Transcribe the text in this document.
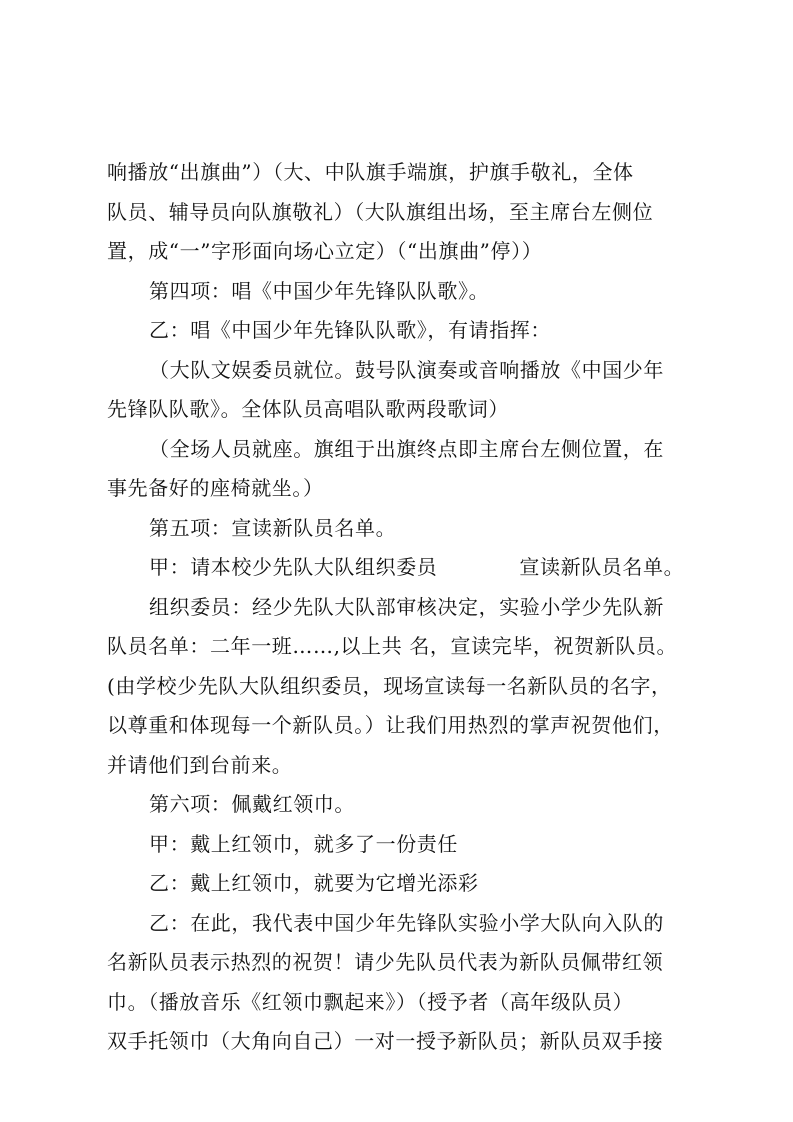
响播放“出旗曲”）（大、中队旗手端旗，护旗手敬礼，全体
队员、辅导员向队旗敬礼）（大队旗组出场，至主席台左侧位
置，成“一”字形面向场心立定）（“出旗曲”停））
第四项：唱《中国少年先锋队队歌》。
乙：唱《中国少年先锋队队歌》，有请指挥：
（大队文娱委员就位。鼓号队演奏或音响播放《中国少年
先锋队队歌》。全体队员高唱队歌两段歌词）
（全场人员就座。旗组于出旗终点即主席台左侧位置，在
事先备好的座椅就坐。）
第五项：宣读新队员名单。
甲：请本校少先队大队组织委员	宣读新队员名单。
组织委员：经少先队大队部审核决定，实验小学少先队新
队员名单：二年一班……,以上共 名，宣读完毕，祝贺新队员。
(由学校少先队大队组织委员，现场宣读每一名新队员的名字，
以尊重和体现每一个新队员。）让我们用热烈的掌声祝贺他们，
并请他们到台前来。
第六项：佩戴红领巾。
甲：戴上红领巾，就多了一份责任
乙：戴上红领巾，就要为它增光添彩
乙：在此，我代表中国少年先锋队实验小学大队向入队的
名新队员表示热烈的祝贺！请少先队员代表为新队员佩带红领
巾。（播放音乐《红领巾飘起来》）（授予者（高年级队员）
双手托领巾（大角向自己）一对一授予新队员；新队员双手接
